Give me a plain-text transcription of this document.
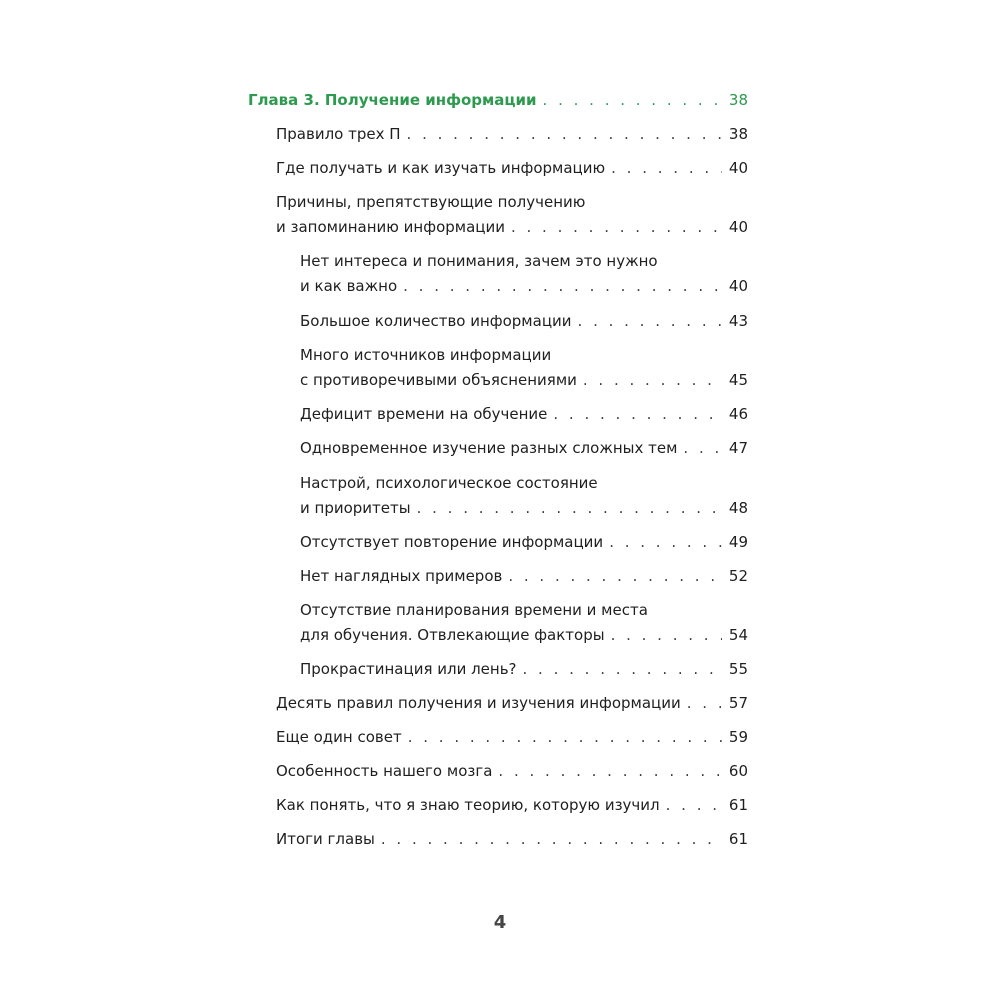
Глава 3. Получение информации . . .	38
Правило трех П . . .	38
Где получать и как изучать информацию . . .	40
Причины, препятствующие получению
и запоминанию информации . . .	40
Нет интереса и понимания, зачем это нужно
и как важно . . .	40
Большое количество информации . . .	43
Много источников информации
с противоречивыми объяснениями . . .	45
Дефицит времени на обучение . . .	46
Одновременное изучение разных сложных тем . . .	47
Настрой, психологическое состояние
и приоритеты . . .	48
Отсутствует повторение информации . . .	49
Нет наглядных примеров . . .	52
Отсутствие планирования времени и места
для обучения. Отвлекающие факторы . . .	54
Прокрастинация или лень? . . .	55
Десять правил получения и изучения информации . . .	57
Еще один совет . . .	59
Особенность нашего мозга . . .	60
Как понять, что я знаю теорию, которую изучил . . .	61
Итоги главы . . .	61
4
